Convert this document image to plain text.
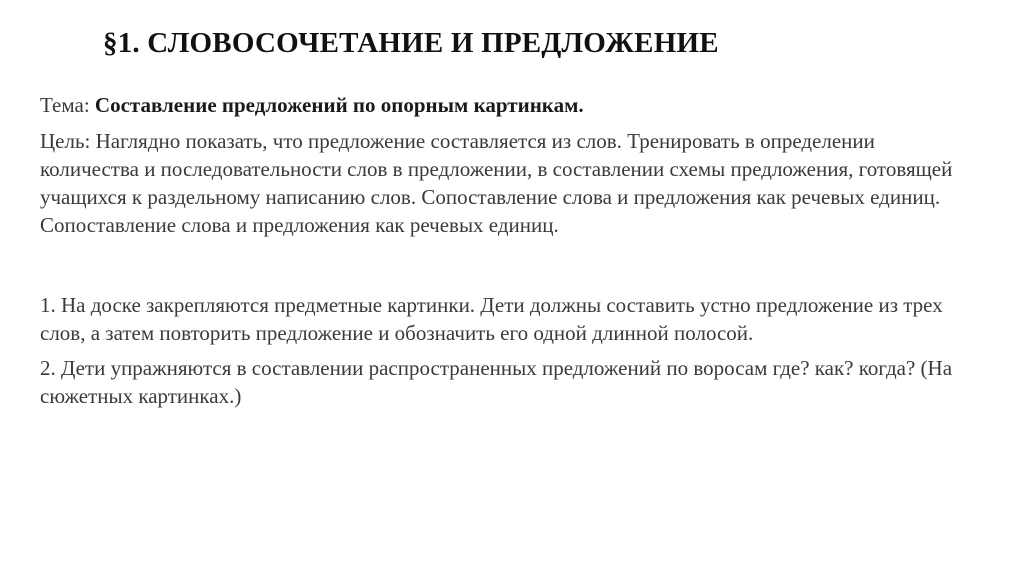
§1. СЛОВОСОЧЕТАНИЕ И ПРЕДЛОЖЕНИЕ

Тема: Составление предложений по опорным картинкам.

Цель: Наглядно показать, что предложение составляется из слов. Тренировать в определении количества и последовательности слов в предложении, в составлении схемы предложения, готовящей учащихся к раздельному написанию слов. Сопоставление слова и предложения как речевых единиц. Сопоставление слова и предложения как речевых единиц.

1. На доске закрепляются предметные картинки. Дети должны составить устно предложение из трех слов, а затем повторить предложение и обозначить его одной длинной полосой.

2. Дети упражняются в составлении распространенных предложений по воросам где? как? когда? (На сюжетных картинках.)
